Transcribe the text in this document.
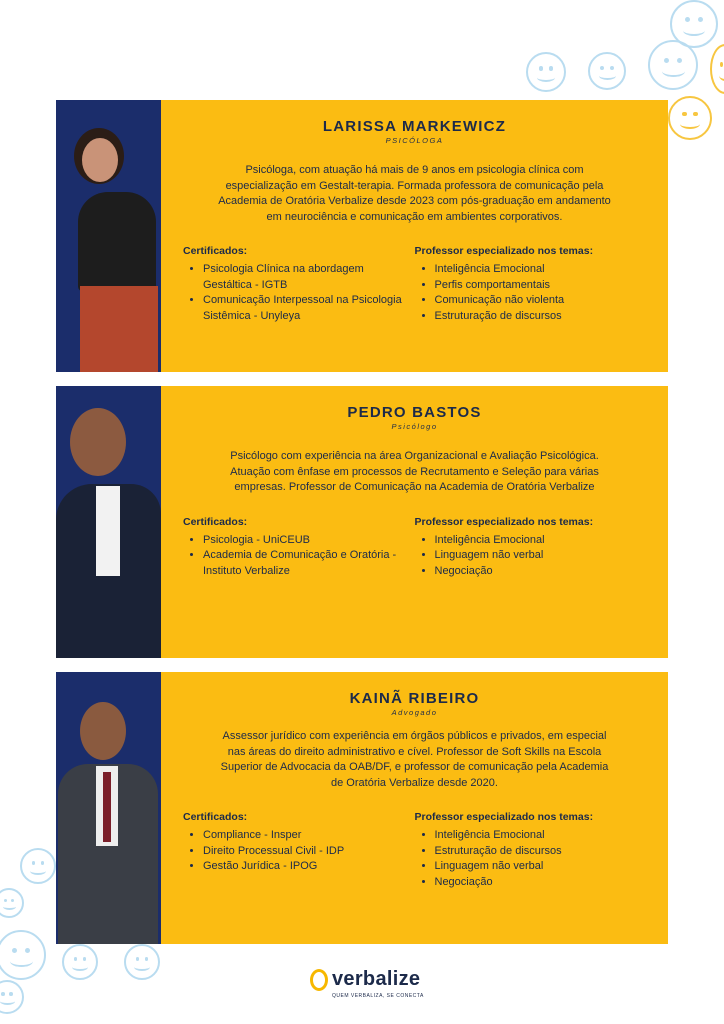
LARISSA MARKEWICZ
PSICÓLOGA

Psicóloga, com atuação há mais de 9 anos em psicologia clínica com especialização em Gestalt-terapia. Formada professora de comunicação pela Academia de Oratória Verbalize desde 2023 com pós-graduação em andamento em neurociência e comunicação em ambientes corporativos.

Certificados:
• Psicologia Clínica na abordagem Gestáltica - IGTB
• Comunicação Interpessoal na Psicologia Sistêmica - Unyleya
Professor especializado nos temas:
• Inteligência Emocional
• Perfis comportamentais
• Comunicação não violenta
• Estruturação de discursos
PEDRO BASTOS
Psicólogo

Psicólogo com experiência na área Organizacional e Avaliação Psicológica. Atuação com ênfase em processos de Recrutamento e Seleção para várias empresas. Professor de Comunicação na Academia de Oratória Verbalize

Certificados:
• Psicologia - UniCEUB
• Academia de Comunicação e Oratória - Instituto Verbalize
Professor especializado nos temas:
• Inteligência Emocional
• Linguagem não verbal
• Negociação
KAINÃ RIBEIRO
Advogado

Assessor jurídico com experiência em órgãos públicos e privados, em especial nas áreas do direito administrativo e cível. Professor de Soft Skills na Escola Superior de Advocacia da OAB/DF, e professor de comunicação pela Academia de Oratória Verbalize desde 2020.

Certificados:
• Compliance - Insper
• Direito Processual Civil - IDP
• Gestão Jurídica - IPOG
Professor especializado nos temas:
• Inteligência Emocional
• Estruturação de discursos
• Linguagem não verbal
• Negociação
verbalize
QUEM VERBALIZA, SE CONECTA
